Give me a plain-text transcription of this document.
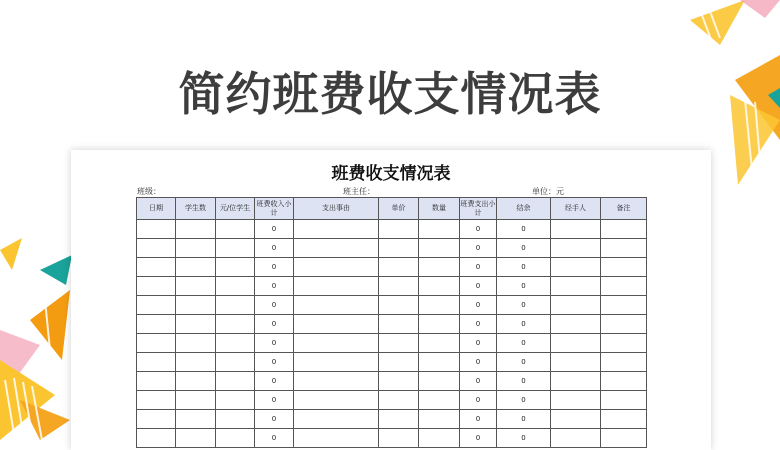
简约班费收支情况表
班费收支情况表
班级：	班主任：	单位：元
日期	学生数	元/位学生	班费收入小计	支出事由	单价	数量	班费支出小计	结余	经手人	备注
			0				0	0		
			0				0	0		
			0				0	0		
			0				0	0		
			0				0	0		
			0				0	0		
			0				0	0		
			0				0	0		
			0				0	0		
			0				0	0		
			0				0	0		
			0				0	0		
